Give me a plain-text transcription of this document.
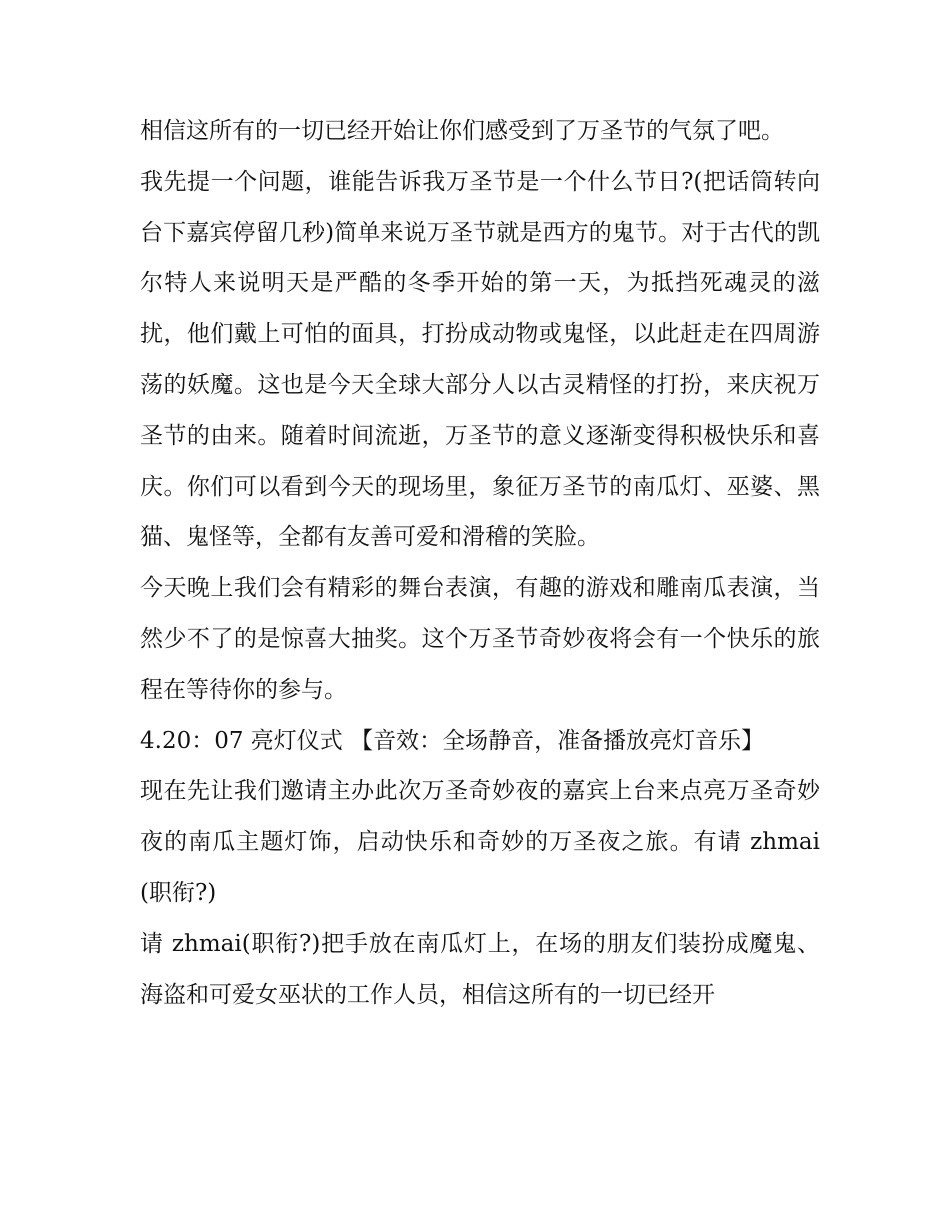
相信这所有的一切已经开始让你们感受到了万圣节的气氛了吧。

我先提一个问题，谁能告诉我万圣节是一个什么节日?(把话筒转向台下嘉宾停留几秒)简单来说万圣节就是西方的鬼节。对于古代的凯尔特人来说明天是严酷的冬季开始的第一天，为抵挡死魂灵的滋扰，他们戴上可怕的面具，打扮成动物或鬼怪，以此赶走在四周游荡的妖魔。这也是今天全球大部分人以古灵精怪的打扮，来庆祝万圣节的由来。随着时间流逝，万圣节的意义逐渐变得积极快乐和喜庆。你们可以看到今天的现场里，象征万圣节的南瓜灯、巫婆、黑猫、鬼怪等，全都有友善可爱和滑稽的笑脸。

今天晚上我们会有精彩的舞台表演，有趣的游戏和雕南瓜表演，当然少不了的是惊喜大抽奖。这个万圣节奇妙夜将会有一个快乐的旅程在等待你的参与。

4.20：07 亮灯仪式 【音效：全场静音，准备播放亮灯音乐】

现在先让我们邀请主办此次万圣奇妙夜的嘉宾上台来点亮万圣奇妙夜的南瓜主题灯饰，启动快乐和奇妙的万圣夜之旅。有请 zhmai(职衔?)

请 zhmai(职衔?)把手放在南瓜灯上，在场的朋友们装扮成魔鬼、海盗和可爱女巫状的工作人员，相信这所有的一切已经开
